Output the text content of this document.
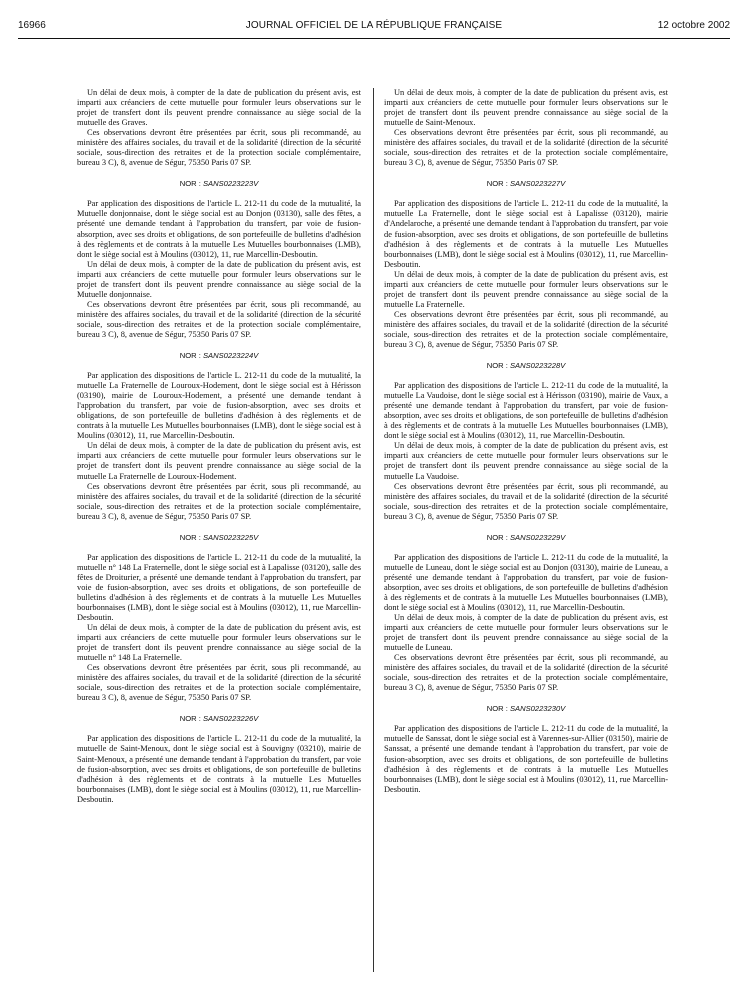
16966	JOURNAL OFFICIEL DE LA RÉPUBLIQUE FRANÇAISE	12 octobre 2002

Un délai de deux mois, à compter de la date de publication du présent avis, est imparti aux créanciers de cette mutuelle pour formuler leurs observations sur le projet de transfert dont ils peuvent prendre connaissance au siège social de la mutuelle des Graves.

Ces observations devront être présentées par écrit, sous pli recommandé, au ministère des affaires sociales, du travail et de la solidarité (direction de la sécurité sociale, sous-direction des retraites et de la protection sociale complémentaire, bureau 3 C), 8, avenue de Ségur, 75350 Paris 07 SP.

NOR : SANS0223223V

Par application des dispositions de l'article L. 212-11 du code de la mutualité, la Mutuelle donjonnaise, dont le siège social est au Donjon (03130), salle des fêtes, a présenté une demande tendant à l'approbation du transfert, par voie de fusion-absorption, avec ses droits et obligations, de son portefeuille de bulletins d'adhésion à des règlements et de contrats à la mutuelle Les Mutuelles bourbonnaises (LMB), dont le siège social est à Moulins (03012), 11, rue Marcellin-Desboutin.

Un délai de deux mois, à compter de la date de publication du présent avis, est imparti aux créanciers de cette mutuelle pour formuler leurs observations sur le projet de transfert dont ils peuvent prendre connaissance au siège social de la Mutuelle donjonnaise.

Ces observations devront être présentées par écrit, sous pli recommandé, au ministère des affaires sociales, du travail et de la solidarité (direction de la sécurité sociale, sous-direction des retraites et de la protection sociale complémentaire, bureau 3 C), 8, avenue de Ségur, 75350 Paris 07 SP.

NOR : SANS0223224V

Par application des dispositions de l'article L. 212-11 du code de la mutualité, la mutuelle La Fraternelle de Louroux-Hodement, dont le siège social est à Hérisson (03190), mairie de Louroux-Hodement, a présenté une demande tendant à l'approbation du transfert, par voie de fusion-absorption, avec ses droits et obligations, de son portefeuille de bulletins d'adhésion à des règlements et de contrats à la mutuelle Les Mutuelles bourbonnaises (LMB), dont le siège social est à Moulins (03012), 11, rue Marcellin-Desboutin.

Un délai de deux mois, à compter de la date de publication du présent avis, est imparti aux créanciers de cette mutuelle pour formuler leurs observations sur le projet de transfert dont ils peuvent prendre connaissance au siège social de la mutuelle La Fraternelle de Louroux-Hodement.

Ces observations devront être présentées par écrit, sous pli recommandé, au ministère des affaires sociales, du travail et de la solidarité (direction de la sécurité sociale, sous-direction des retraites et de la protection sociale complémentaire, bureau 3 C), 8, avenue de Ségur, 75350 Paris 07 SP.

NOR : SANS0223225V

Par application des dispositions de l'article L. 212-11 du code de la mutualité, la mutuelle n° 148 La Fraternelle, dont le siège social est à Lapalisse (03120), salle des fêtes de Droiturier, a présenté une demande tendant à l'approbation du transfert, par voie de fusion-absorption, avec ses droits et obligations, de son portefeuille de bulletins d'adhésion à des règlements et de contrats à la mutuelle Les Mutuelles bourbonnaises (LMB), dont le siège social est à Moulins (03012), 11, rue Marcellin-Desboutin.

Un délai de deux mois, à compter de la date de publication du présent avis, est imparti aux créanciers de cette mutuelle pour formuler leurs observations sur le projet de transfert dont ils peuvent prendre connaissance au siège social de la mutuelle n° 148 La Fraternelle.

Ces observations devront être présentées par écrit, sous pli recommandé, au ministère des affaires sociales, du travail et de la solidarité (direction de la sécurité sociale, sous-direction des retraites et de la protection sociale complémentaire, bureau 3 C), 8, avenue de Ségur, 75350 Paris 07 SP.

NOR : SANS0223226V

Par application des dispositions de l'article L. 212-11 du code de la mutualité, la mutuelle de Saint-Menoux, dont le siège social est à Souvigny (03210), mairie de Saint-Menoux, a présenté une demande tendant à l'approbation du transfert, par voie de fusion-absorption, avec ses droits et obligations, de son portefeuille de bulletins d'adhésion à des règlements et de contrats à la mutuelle Les Mutuelles bourbonnaises (LMB), dont le siège social est à Moulins (03012), 11, rue Marcellin-Desboutin.

Un délai de deux mois, à compter de la date de publication du présent avis, est imparti aux créanciers de cette mutuelle pour formuler leurs observations sur le projet de transfert dont ils peuvent prendre connaissance au siège social de la mutuelle de Saint-Menoux.

Ces observations devront être présentées par écrit, sous pli recommandé, au ministère des affaires sociales, du travail et de la solidarité (direction de la sécurité sociale, sous-direction des retraites et de la protection sociale complémentaire, bureau 3 C), 8, avenue de Ségur, 75350 Paris 07 SP.

NOR : SANS0223227V

Par application des dispositions de l'article L. 212-11 du code de la mutualité, la mutuelle La Fraternelle, dont le siège social est à Lapalisse (03120), mairie d'Andelaroche, a présenté une demande tendant à l'approbation du transfert, par voie de fusion-absorption, avec ses droits et obligations, de son portefeuille de bulletins d'adhésion à des règlements et de contrats à la mutuelle Les Mutuelles bourbonnaises (LMB), dont le siège social est à Moulins (03012), 11, rue Marcellin-Desboutin.

Un délai de deux mois, à compter de la date de publication du présent avis, est imparti aux créanciers de cette mutuelle pour formuler leurs observations sur le projet de transfert dont ils peuvent prendre connaissance au siège social de la mutuelle La Fraternelle.

Ces observations devront être présentées par écrit, sous pli recommandé, au ministère des affaires sociales, du travail et de la solidarité (direction de la sécurité sociale, sous-direction des retraites et de la protection sociale complémentaire, bureau 3 C), 8, avenue de Ségur, 75350 Paris 07 SP.

NOR : SANS0223228V

Par application des dispositions de l'article L. 212-11 du code de la mutualité, la mutuelle La Vaudoise, dont le siège social est à Hérisson (03190), mairie de Vaux, a présenté une demande tendant à l'approbation du transfert, par voie de fusion-absorption, avec ses droits et obligations, de son portefeuille de bulletins d'adhésion à des règlements et de contrats à la mutuelle Les Mutuelles bourbonnaises (LMB), dont le siège social est à Moulins (03012), 11, rue Marcellin-Desboutin.

Un délai de deux mois, à compter de la date de publication du présent avis, est imparti aux créanciers de cette mutuelle pour formuler leurs observations sur le projet de transfert dont ils peuvent prendre connaissance au siège social de la mutuelle La Vaudoise.

Ces observations devront être présentées par écrit, sous pli recommandé, au ministère des affaires sociales, du travail et de la solidarité (direction de la sécurité sociale, sous-direction des retraites et de la protection sociale complémentaire, bureau 3 C), 8, avenue de Ségur, 75350 Paris 07 SP.

NOR : SANS0223229V

Par application des dispositions de l'article L. 212-11 du code de la mutualité, la mutuelle de Luneau, dont le siège social est au Donjon (03130), mairie de Luneau, a présenté une demande tendant à l'approbation du transfert, par voie de fusion-absorption, avec ses droits et obligations, de son portefeuille de bulletins d'adhésion à des règlements et de contrats à la mutuelle Les Mutuelles bourbonnaises (LMB), dont le siège social est à Moulins (03012), 11, rue Marcellin-Desboutin.

Un délai de deux mois, à compter de la date de publication du présent avis, est imparti aux créanciers de cette mutuelle pour formuler leurs observations sur le projet de transfert dont ils peuvent prendre connaissance au siège social de la mutuelle de Luneau.

Ces observations devront être présentées par écrit, sous pli recommandé, au ministère des affaires sociales, du travail et de la solidarité (direction de la sécurité sociale, sous-direction des retraites et de la protection sociale complémentaire, bureau 3 C), 8, avenue de Ségur, 75350 Paris 07 SP.

NOR : SANS0223230V

Par application des dispositions de l'article L. 212-11 du code de la mutualité, la mutuelle de Sanssat, dont le siège social est à Varennes-sur-Allier (03150), mairie de Sanssat, a présenté une demande tendant à l'approbation du transfert, par voie de fusion-absorption, avec ses droits et obligations, de son portefeuille de bulletins d'adhésion à des règlements et de contrats à la mutuelle Les Mutuelles bourbonnaises (LMB), dont le siège social est à Moulins (03012), 11, rue Marcellin-Desboutin.
